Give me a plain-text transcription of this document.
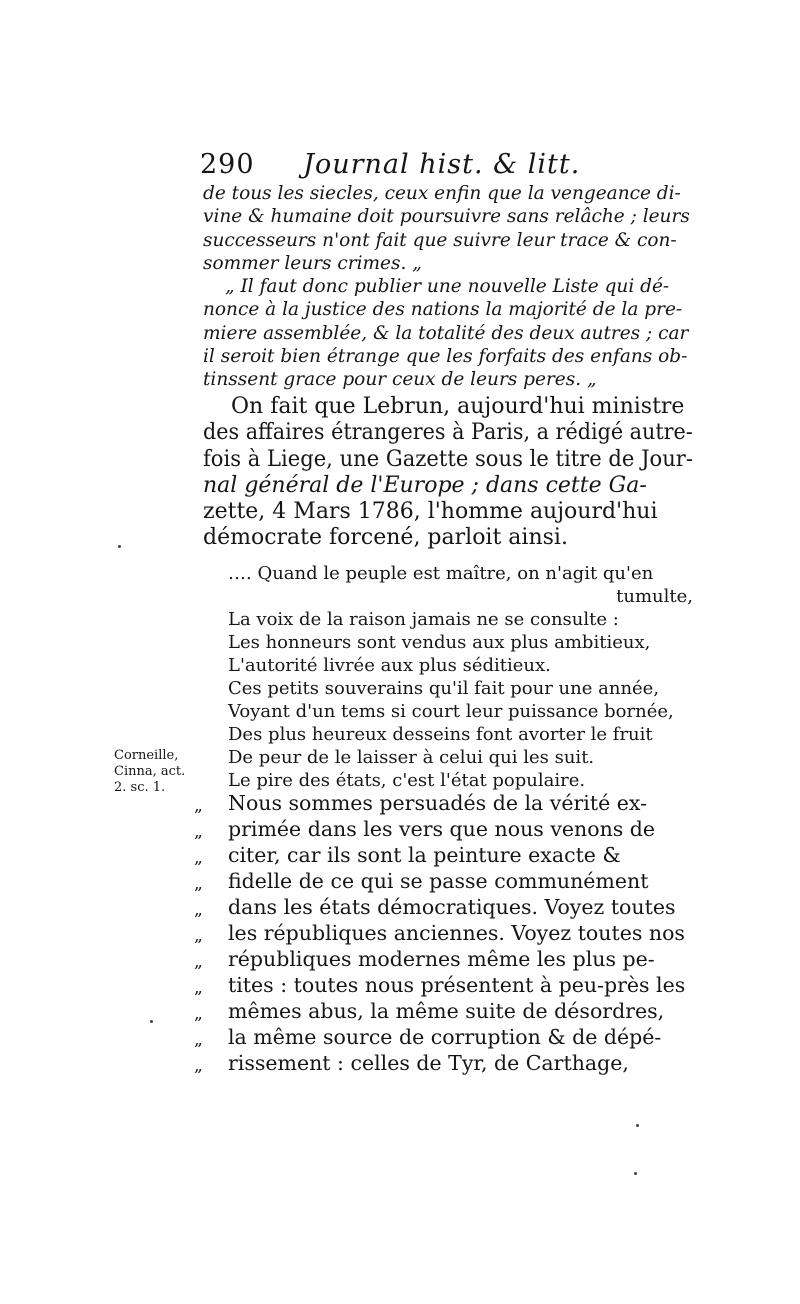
290 Journal hist. & litt.
de tous les siecles, ceux enfin que la vengeance di-
vine & humaine doit poursuivre sans relâche ; leurs
successeurs n'ont fait que suivre leur trace & con-
sommer leurs crimes. „
„ Il faut donc publier une nouvelle Liste qui dé-
nonce à la justice des nations la majorité de la pre-
miere assemblée, & la totalité des deux autres ; car
il seroit bien étrange que les forfaits des enfans ob-
tinssent grace pour ceux de leurs peres. „
On fait que Lebrun, aujourd'hui ministre
des affaires étrangeres à Paris, a rédigé autre-
fois à Liege, une Gazette sous le titre de Jour-
nal général de l'Europe ; dans cette Ga-
zette, 4 Mars 1786, l'homme aujourd'hui
démocrate forcené, parloit ainsi.
…. Quand le peuple est maître, on n'agit qu'en
tumulte,
La voix de la raison jamais ne se consulte :
Les honneurs sont vendus aux plus ambitieux,
L'autorité livrée aux plus séditieux.
Ces petits souverains qu'il fait pour une année,
Voyant d'un tems si court leur puissance bornée,
Des plus heureux desseins font avorter le fruit
De peur de le laisser à celui qui les suit.
Le pire des états, c'est l'état populaire.
Corneille,
Cinna, act.
2. sc. 1.
„
„
„
„
„
„
„
„
„
„
„
Nous sommes persuadés de la vérité ex-
primée dans les vers que nous venons de
citer, car ils sont la peinture exacte &
fidelle de ce qui se passe communément
dans les états démocratiques. Voyez toutes
les républiques anciennes. Voyez toutes nos
républiques modernes même les plus pe-
tites : toutes nous présentent à peu-près les
mêmes abus, la même suite de désordres,
la même source de corruption & de dépé-
rissement : celles de Tyr, de Carthage,
